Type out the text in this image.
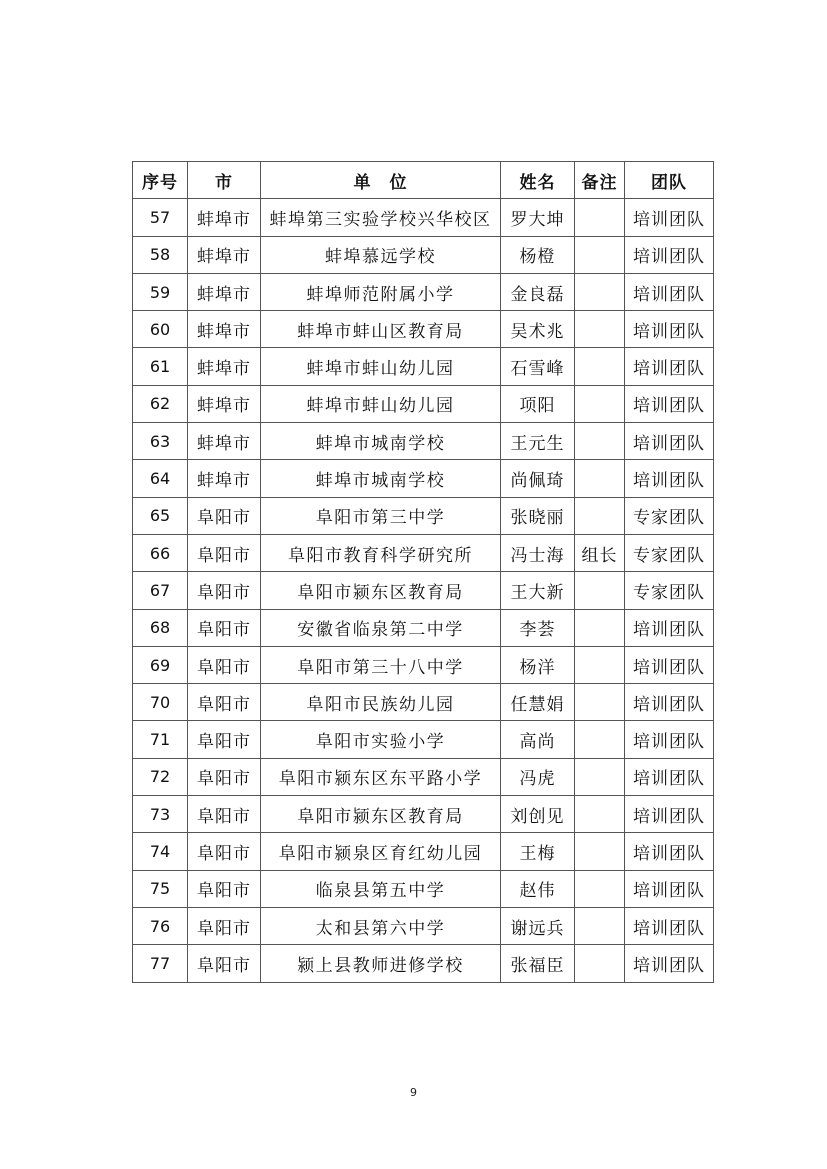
序号	市	单　位	姓名	备注	团队
57	蚌埠市	蚌埠第三实验学校兴华校区	罗大坤		培训团队
58	蚌埠市	蚌埠慕远学校	杨橙		培训团队
59	蚌埠市	蚌埠师范附属小学	金良磊		培训团队
60	蚌埠市	蚌埠市蚌山区教育局	吴术兆		培训团队
61	蚌埠市	蚌埠市蚌山幼儿园	石雪峰		培训团队
62	蚌埠市	蚌埠市蚌山幼儿园	项阳		培训团队
63	蚌埠市	蚌埠市城南学校	王元生		培训团队
64	蚌埠市	蚌埠市城南学校	尚佩琦		培训团队
65	阜阳市	阜阳市第三中学	张晓丽		专家团队
66	阜阳市	阜阳市教育科学研究所	冯士海	组长	专家团队
67	阜阳市	阜阳市颍东区教育局	王大新		专家团队
68	阜阳市	安徽省临泉第二中学	李荟		培训团队
69	阜阳市	阜阳市第三十八中学	杨洋		培训团队
70	阜阳市	阜阳市民族幼儿园	任慧娟		培训团队
71	阜阳市	阜阳市实验小学	高尚		培训团队
72	阜阳市	阜阳市颍东区东平路小学	冯虎		培训团队
73	阜阳市	阜阳市颍东区教育局	刘创见		培训团队
74	阜阳市	阜阳市颍泉区育红幼儿园	王梅		培训团队
75	阜阳市	临泉县第五中学	赵伟		培训团队
76	阜阳市	太和县第六中学	谢远兵		培训团队
77	阜阳市	颍上县教师进修学校	张福臣		培训团队
9
